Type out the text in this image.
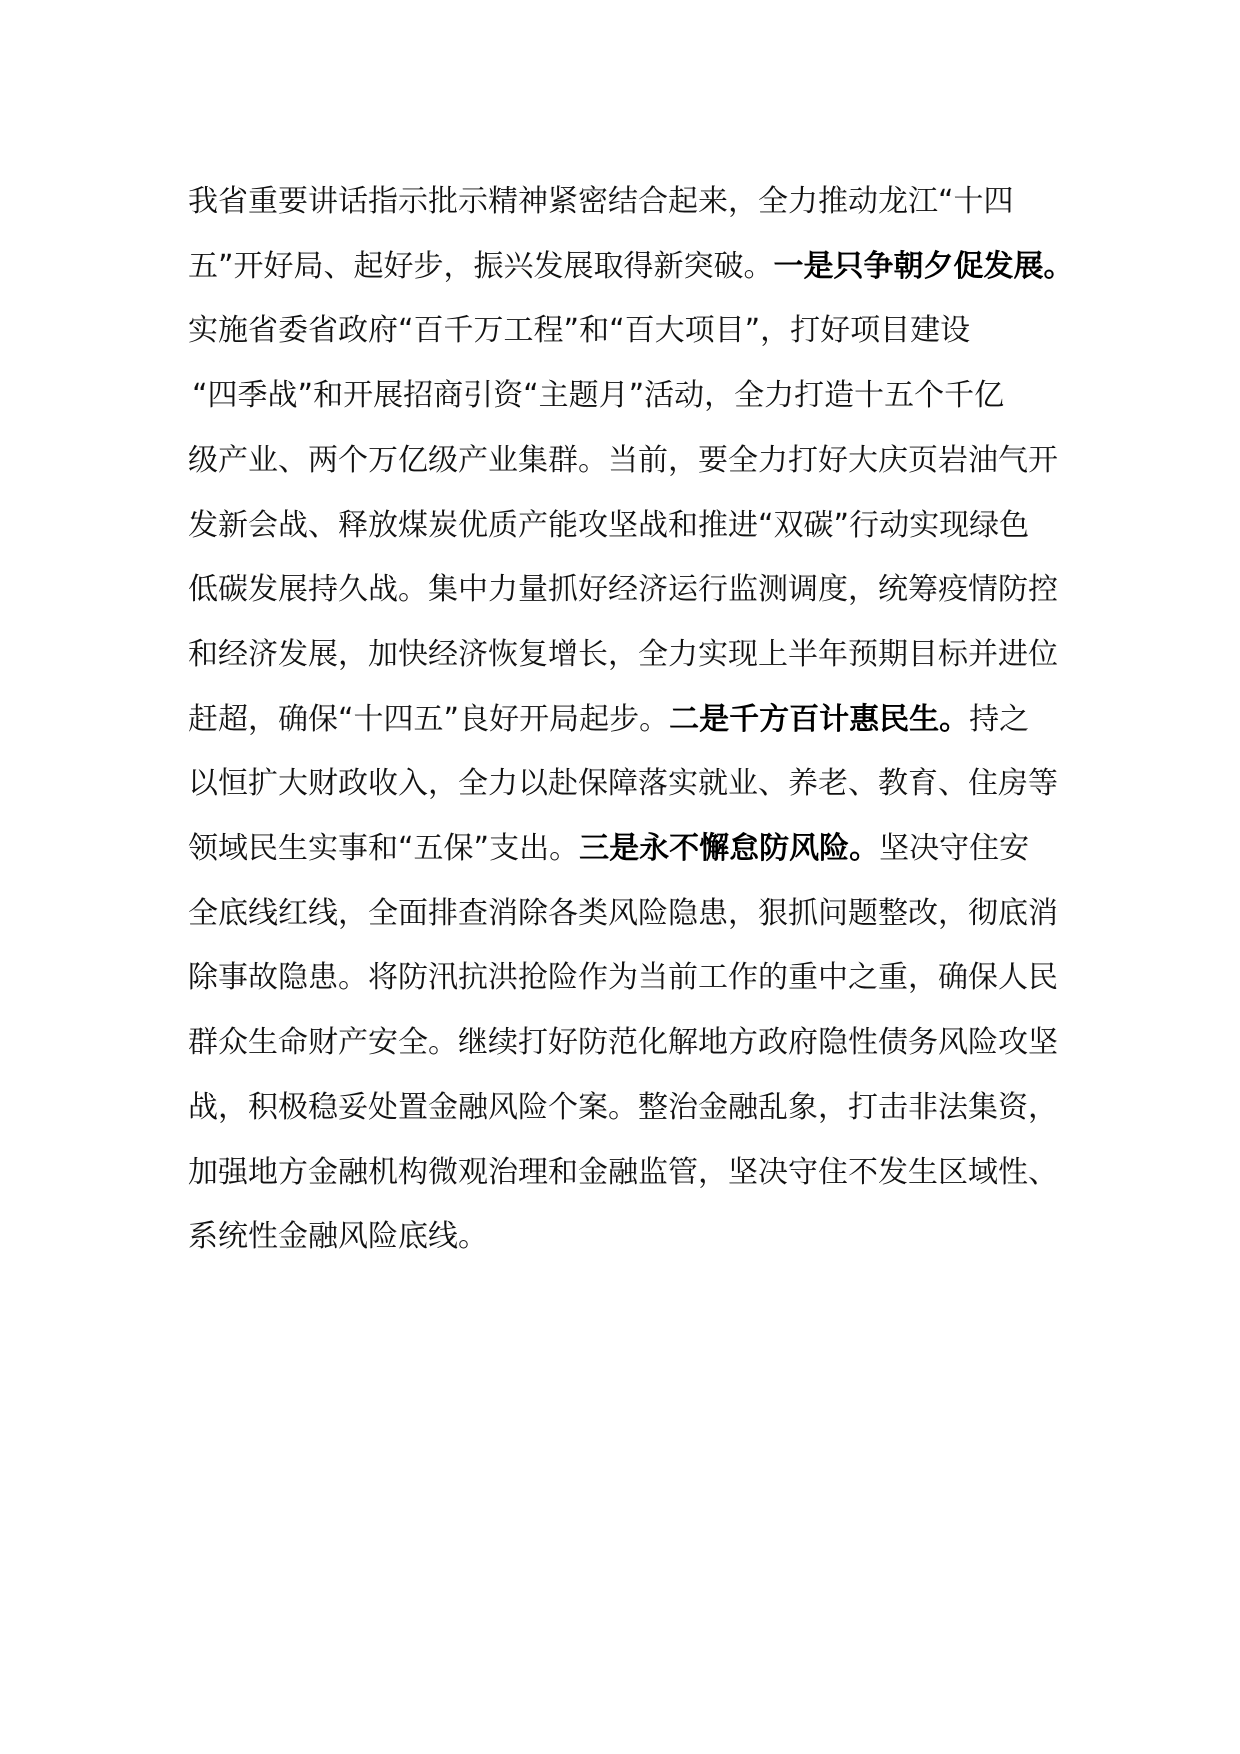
我省重要讲话指示批示精神紧密结合起来，全力推动龙江“十四
五”开好局、起好步，振兴发展取得新突破。一是只争朝夕促发展。
实施省委省政府“百千万工程”和“百大项目”，打好项目建设
“四季战”和开展招商引资“主题月”活动，全力打造十五个千亿
级产业、两个万亿级产业集群。当前，要全力打好大庆页岩油气开
发新会战、释放煤炭优质产能攻坚战和推进“双碳”行动实现绿色
低碳发展持久战。集中力量抓好经济运行监测调度，统筹疫情防控
和经济发展，加快经济恢复增长，全力实现上半年预期目标并进位
赶超，确保“十四五”良好开局起步。二是千方百计惠民生。持之
以恒扩大财政收入，全力以赴保障落实就业、养老、教育、住房等
领域民生实事和“五保”支出。三是永不懈怠防风险。坚决守住安
全底线红线，全面排查消除各类风险隐患，狠抓问题整改，彻底消
除事故隐患。将防汛抗洪抢险作为当前工作的重中之重，确保人民
群众生命财产安全。继续打好防范化解地方政府隐性债务风险攻坚
战，积极稳妥处置金融风险个案。整治金融乱象，打击非法集资，
加强地方金融机构微观治理和金融监管，坚决守住不发生区域性、
系统性金融风险底线。
